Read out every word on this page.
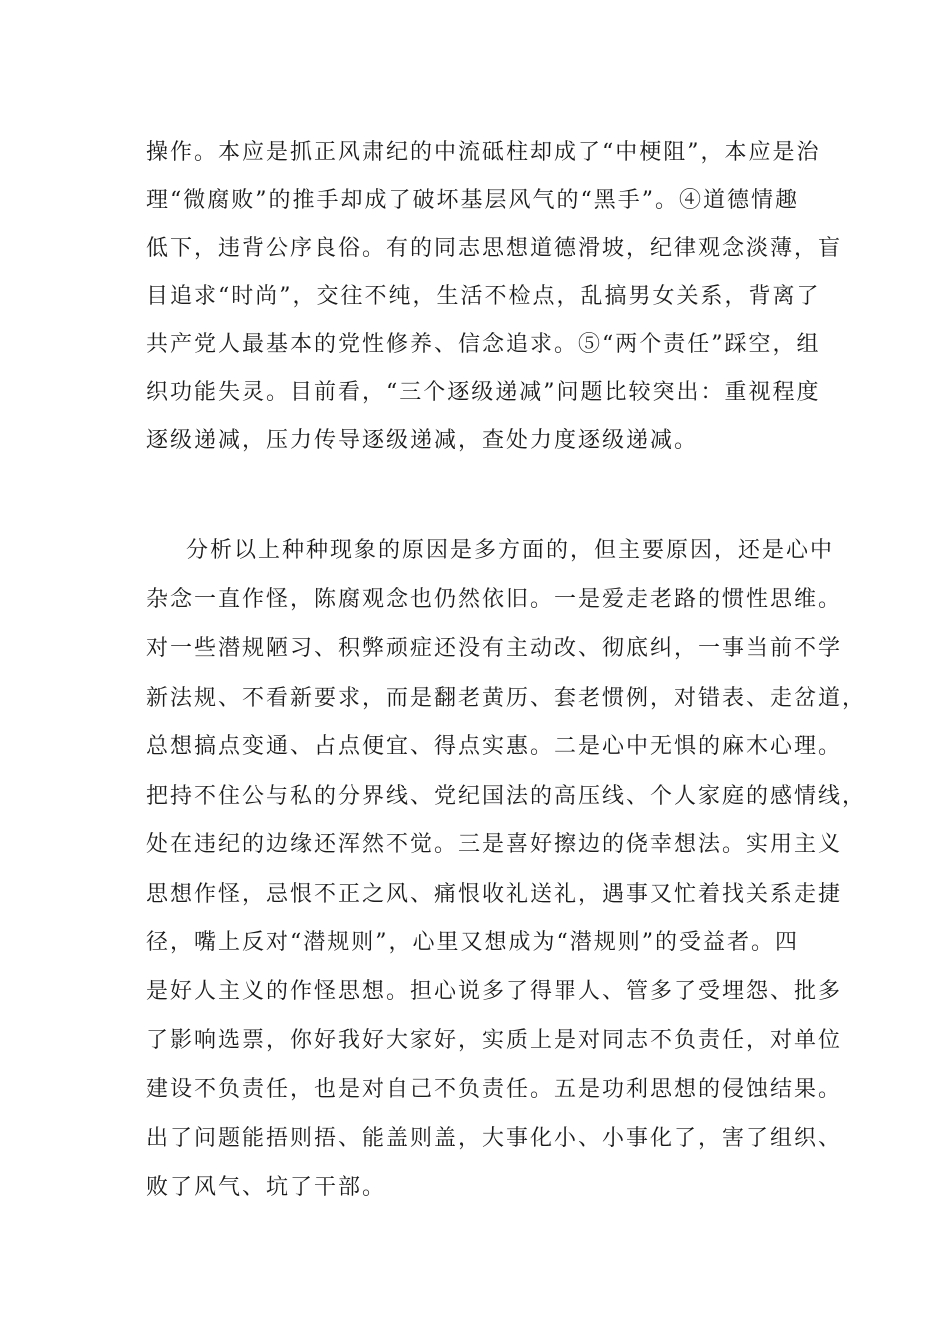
操作。本应是抓正风肃纪的中流砥柱却成了“中梗阻”，本应是治
理“微腐败”的推手却成了破坏基层风气的“黑手”。④道德情趣
低下，违背公序良俗。有的同志思想道德滑坡，纪律观念淡薄，盲
目追求“时尚”，交往不纯，生活不检点，乱搞男女关系，背离了
共产党人最基本的党性修养、信念追求。⑤“两个责任”踩空，组
织功能失灵。目前看，“三个逐级递减”问题比较突出：重视程度
逐级递减，压力传导逐级递减，查处力度逐级递减。
分析以上种种现象的原因是多方面的，但主要原因，还是心中
杂念一直作怪，陈腐观念也仍然依旧。一是爱走老路的惯性思维。
对一些潜规陋习、积弊顽症还没有主动改、彻底纠，一事当前不学
新法规、不看新要求，而是翻老黄历、套老惯例，对错表、走岔道，
总想搞点变通、占点便宜、得点实惠。二是心中无惧的麻木心理。
把持不住公与私的分界线、党纪国法的高压线、个人家庭的感情线，
处在违纪的边缘还浑然不觉。三是喜好擦边的侥幸想法。实用主义
思想作怪，忌恨不正之风、痛恨收礼送礼，遇事又忙着找关系走捷
径，嘴上反对“潜规则”，心里又想成为“潜规则”的受益者。四
是好人主义的作怪思想。担心说多了得罪人、管多了受埋怨、批多
了影响选票，你好我好大家好，实质上是对同志不负责任，对单位
建设不负责任，也是对自己不负责任。五是功利思想的侵蚀结果。
出了问题能捂则捂、能盖则盖，大事化小、小事化了，害了组织、
败了风气、坑了干部。
